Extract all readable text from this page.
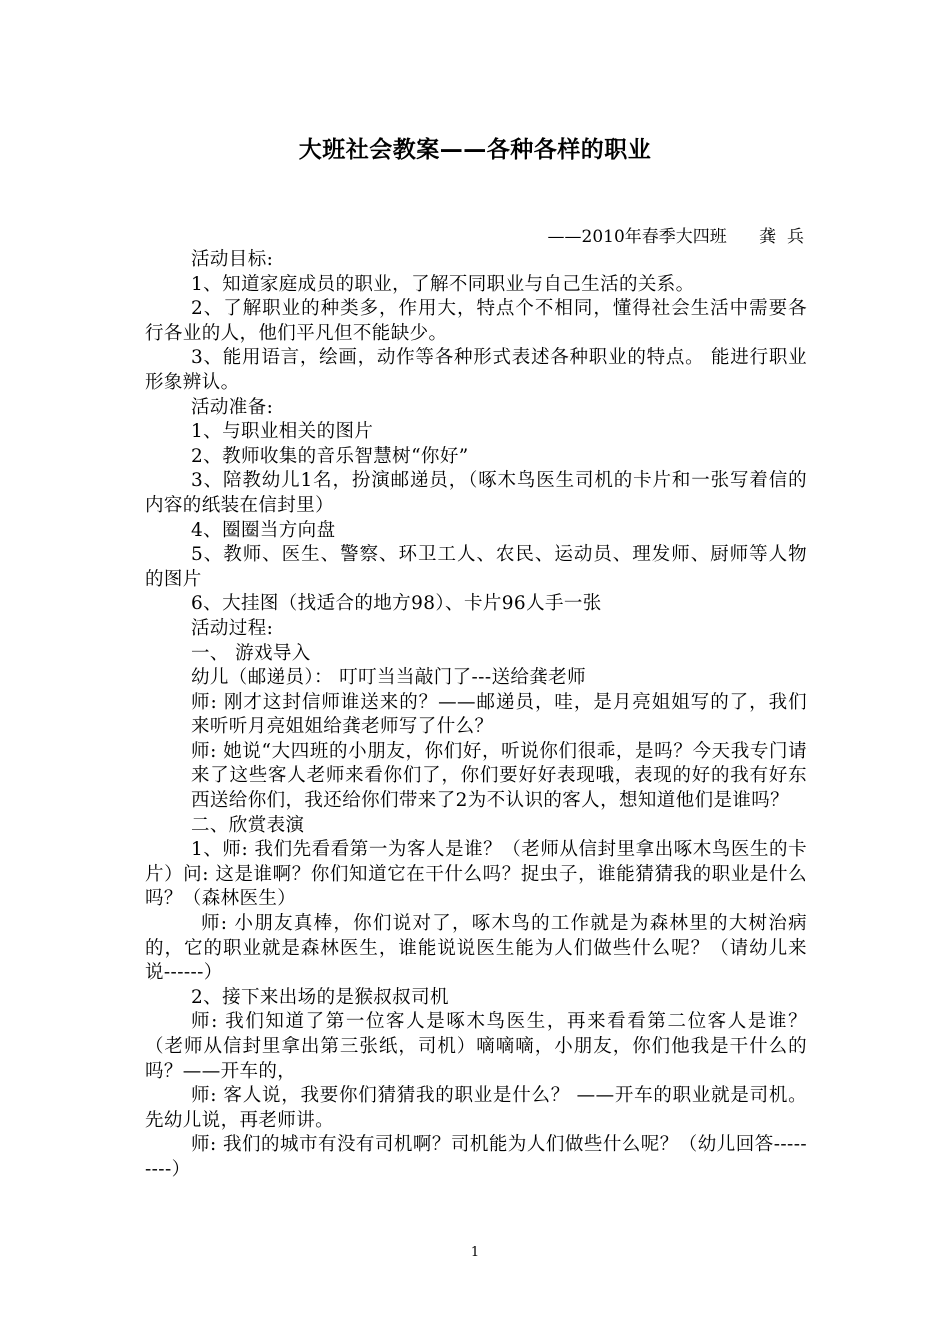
大班社会教案——各种各样的职业
——2010年春季大四班      龚  兵

活动目标:

1、知道家庭成员的职业，了解不同职业与自己生活的关系。

2、了解职业的种类多，作用大，特点个不相同，懂得社会生活中需要各行各业的人，他们平凡但不能缺少。

3、能用语言，绘画，动作等各种形式表述各种职业的特点。 能进行职业形象辨认。

活动准备:

1、与职业相关的图片

2、教师收集的音乐智慧树“你好”

3、陪教幼儿1名，扮演邮递员，（啄木鸟医生司机的卡片和一张写着信的内容的纸装在信封里）

4、圈圈当方向盘

5、教师、医生、警察、环卫工人、农民、运动员、理发师、厨师等人物的图片

6、大挂图（找适合的地方98）、卡片96人手一张

活动过程:

一、 游戏导入

幼儿（邮递员）： 叮叮当当敲门了---送给龚老师

师: 刚才这封信师谁送来的？——邮递员，哇，是月亮姐姐写的了，我们来听听月亮姐姐给龚老师写了什么？

师: 她说“大四班的小朋友，你们好，听说你们很乖，是吗？今天我专门请来了这些客人老师来看你们了，你们要好好表现哦，表现的好的我有好东西送给你们，我还给你们带来了2为不认识的客人，想知道他们是谁吗？

二、欣赏表演

1、师: 我们先看看第一为客人是谁？（老师从信封里拿出啄木鸟医生的卡片）问: 这是谁啊？你们知道它在干什么吗？捉虫子，谁能猜猜我的职业是什么吗？（森林医生）

师: 小朋友真棒，你们说对了，啄木鸟的工作就是为森林里的大树治病的，它的职业就是森林医生，谁能说说医生能为人们做些什么呢？（请幼儿来说------）

2、接下来出场的是猴叔叔司机

师: 我们知道了第一位客人是啄木鸟医生，再来看看第二位客人是谁？（老师从信封里拿出第三张纸，司机）嘀嘀嘀，小朋友，你们他我是干什么的吗？——开车的，

师: 客人说，我要你们猜猜我的职业是什么？ ——开车的职业就是司机。先幼儿说，再老师讲。

师: 我们的城市有没有司机啊？司机能为人们做些什么呢？（幼儿回答---------）

1
